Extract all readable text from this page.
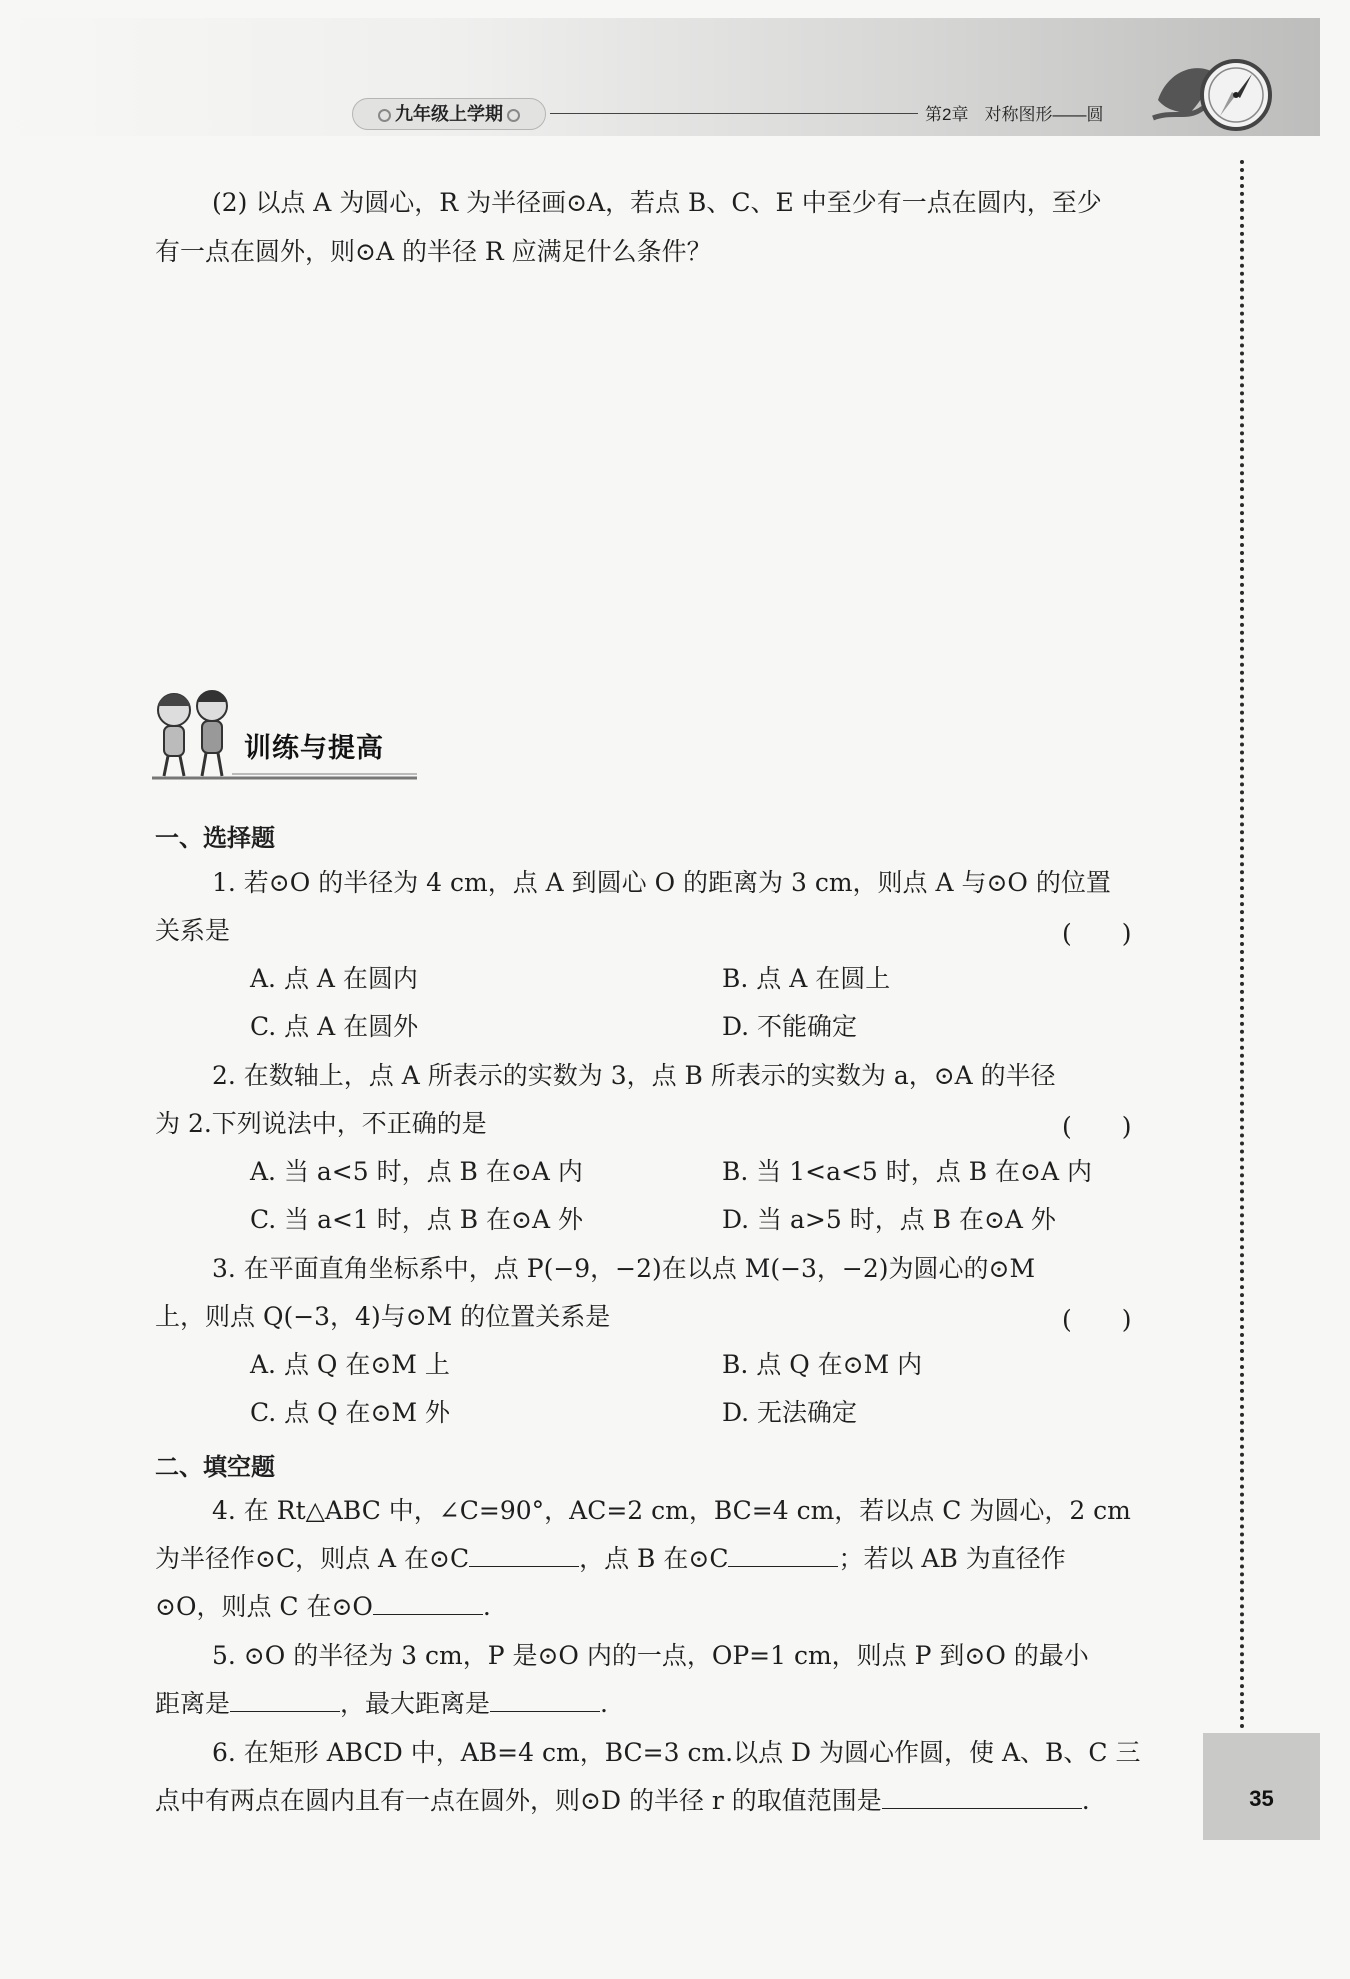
九年级上学期	第2章 对称图形——圆
(2) 以点 A 为圆心，R 为半径画⊙A，若点 B、C、E 中至少有一点在圆内，至少
有一点在圆外，则⊙A 的半径 R 应满足什么条件？
训练与提高
一、选择题
1. 若⊙O 的半径为 4 cm，点 A 到圆心 O 的距离为 3 cm，则点 A 与⊙O 的位置
关系是	(　　)
A. 点 A 在圆内	B. 点 A 在圆上
C. 点 A 在圆外	D. 不能确定
2. 在数轴上，点 A 所表示的实数为 3，点 B 所表示的实数为 a，⊙A 的半径
为 2.下列说法中，不正确的是	(　　)
A. 当 a<5 时，点 B 在⊙A 内	B. 当 1<a<5 时，点 B 在⊙A 内
C. 当 a<1 时，点 B 在⊙A 外	D. 当 a>5 时，点 B 在⊙A 外
3. 在平面直角坐标系中，点 P(−9，−2)在以点 M(−3，−2)为圆心的⊙M
上，则点 Q(−3，4)与⊙M 的位置关系是	(　　)
A. 点 Q 在⊙M 上	B. 点 Q 在⊙M 内
C. 点 Q 在⊙M 外	D. 无法确定
二、填空题
4. 在 Rt△ABC 中，∠C=90°，AC=2 cm，BC=4 cm，若以点 C 为圆心，2 cm
为半径作⊙C，则点 A 在⊙C	，点 B 在⊙C	；若以 AB 为直径作
⊙O，则点 C 在⊙O	.
5. ⊙O 的半径为 3 cm，P 是⊙O 内的一点，OP=1 cm，则点 P 到⊙O 的最小
距离是	，最大距离是	.
6. 在矩形 ABCD 中，AB=4 cm，BC=3 cm.以点 D 为圆心作圆，使 A、B、C 三
点中有两点在圆内且有一点在圆外，则⊙D 的半径 r 的取值范围是	.	35
